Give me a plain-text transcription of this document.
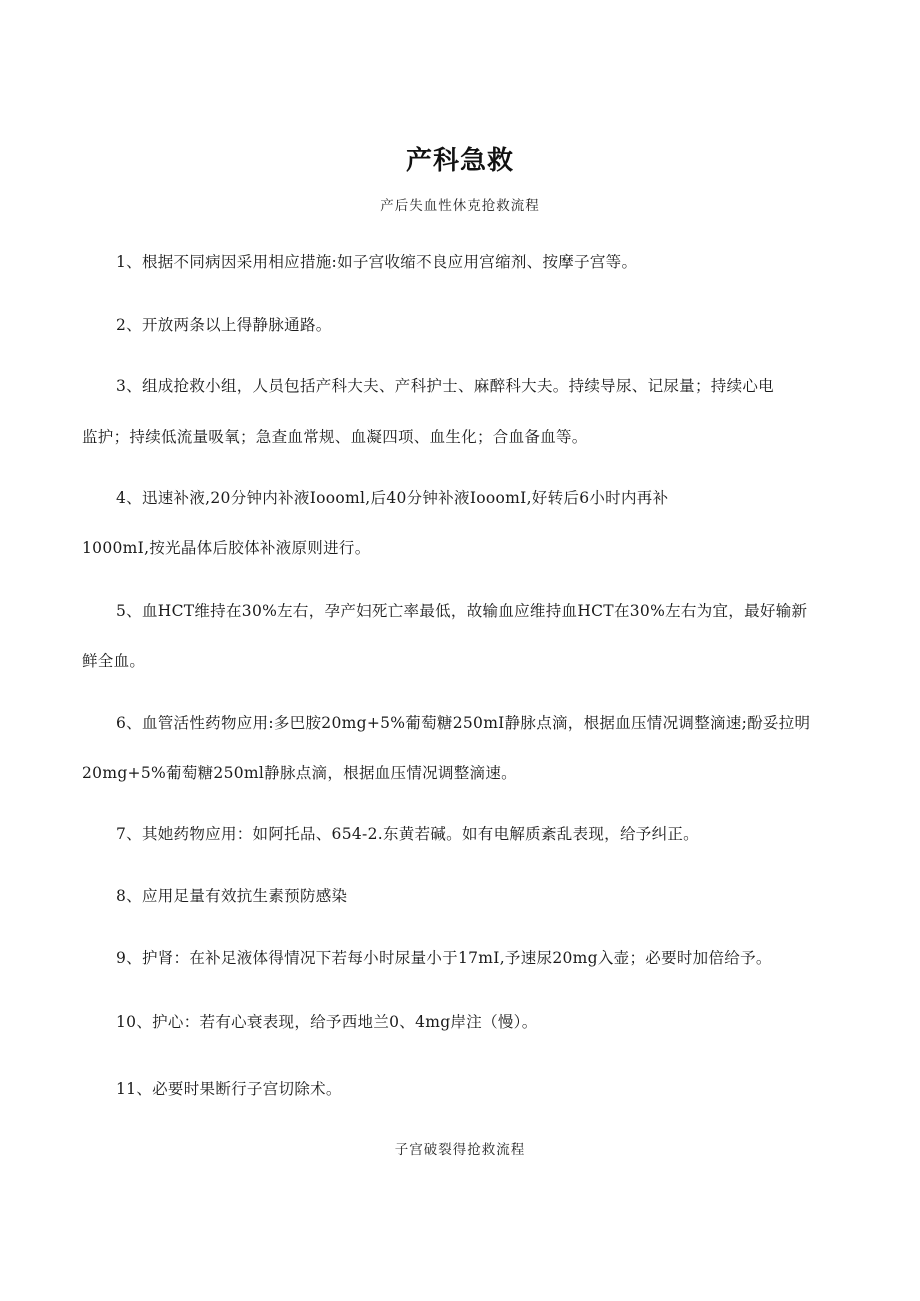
产科急救
产后失血性休克抢救流程
1、根据不同病因采用相应措施:如子宫收缩不良应用宫缩剂、按摩子宫等。
2、开放两条以上得静脉通路。
3、组成抢救小组，人员包括产科大夫、产科护士、麻醉科大夫。持续导尿、记尿量；持续心电
监护；持续低流量吸氧；急查血常规、血凝四项、血生化；合血备血等。
4、迅速补液,20分钟内补液Ioooml,后40分钟补液IooomI,好转后6小时内再补
1000mI,按光晶体后胶体补液原则进行。
5、血HCT维持在30%左右，孕产妇死亡率最低，故输血应维持血HCT在30%左右为宜，最好输新
鲜全血。
6、血管活性药物应用:多巴胺20mg+5%葡萄糖250mI静脉点滴，根据血压情况调整滴速;酚妥拉明
20mg+5%葡萄糖250ml静脉点滴，根据血压情况调整滴速。
7、其她药物应用：如阿托品、654-2.东黄若碱。如有电解质紊乱表现，给予纠正。
8、应用足量有效抗生素预防感染
9、护肾：在补足液体得情况下若每小时尿量小于17mI,予速尿20mg入壶；必要时加倍给予。
10、护心：若有心衰表现，给予西地兰0、4mg岸注（慢）。
11、必要时果断行子宫切除术。
子宫破裂得抢救流程
